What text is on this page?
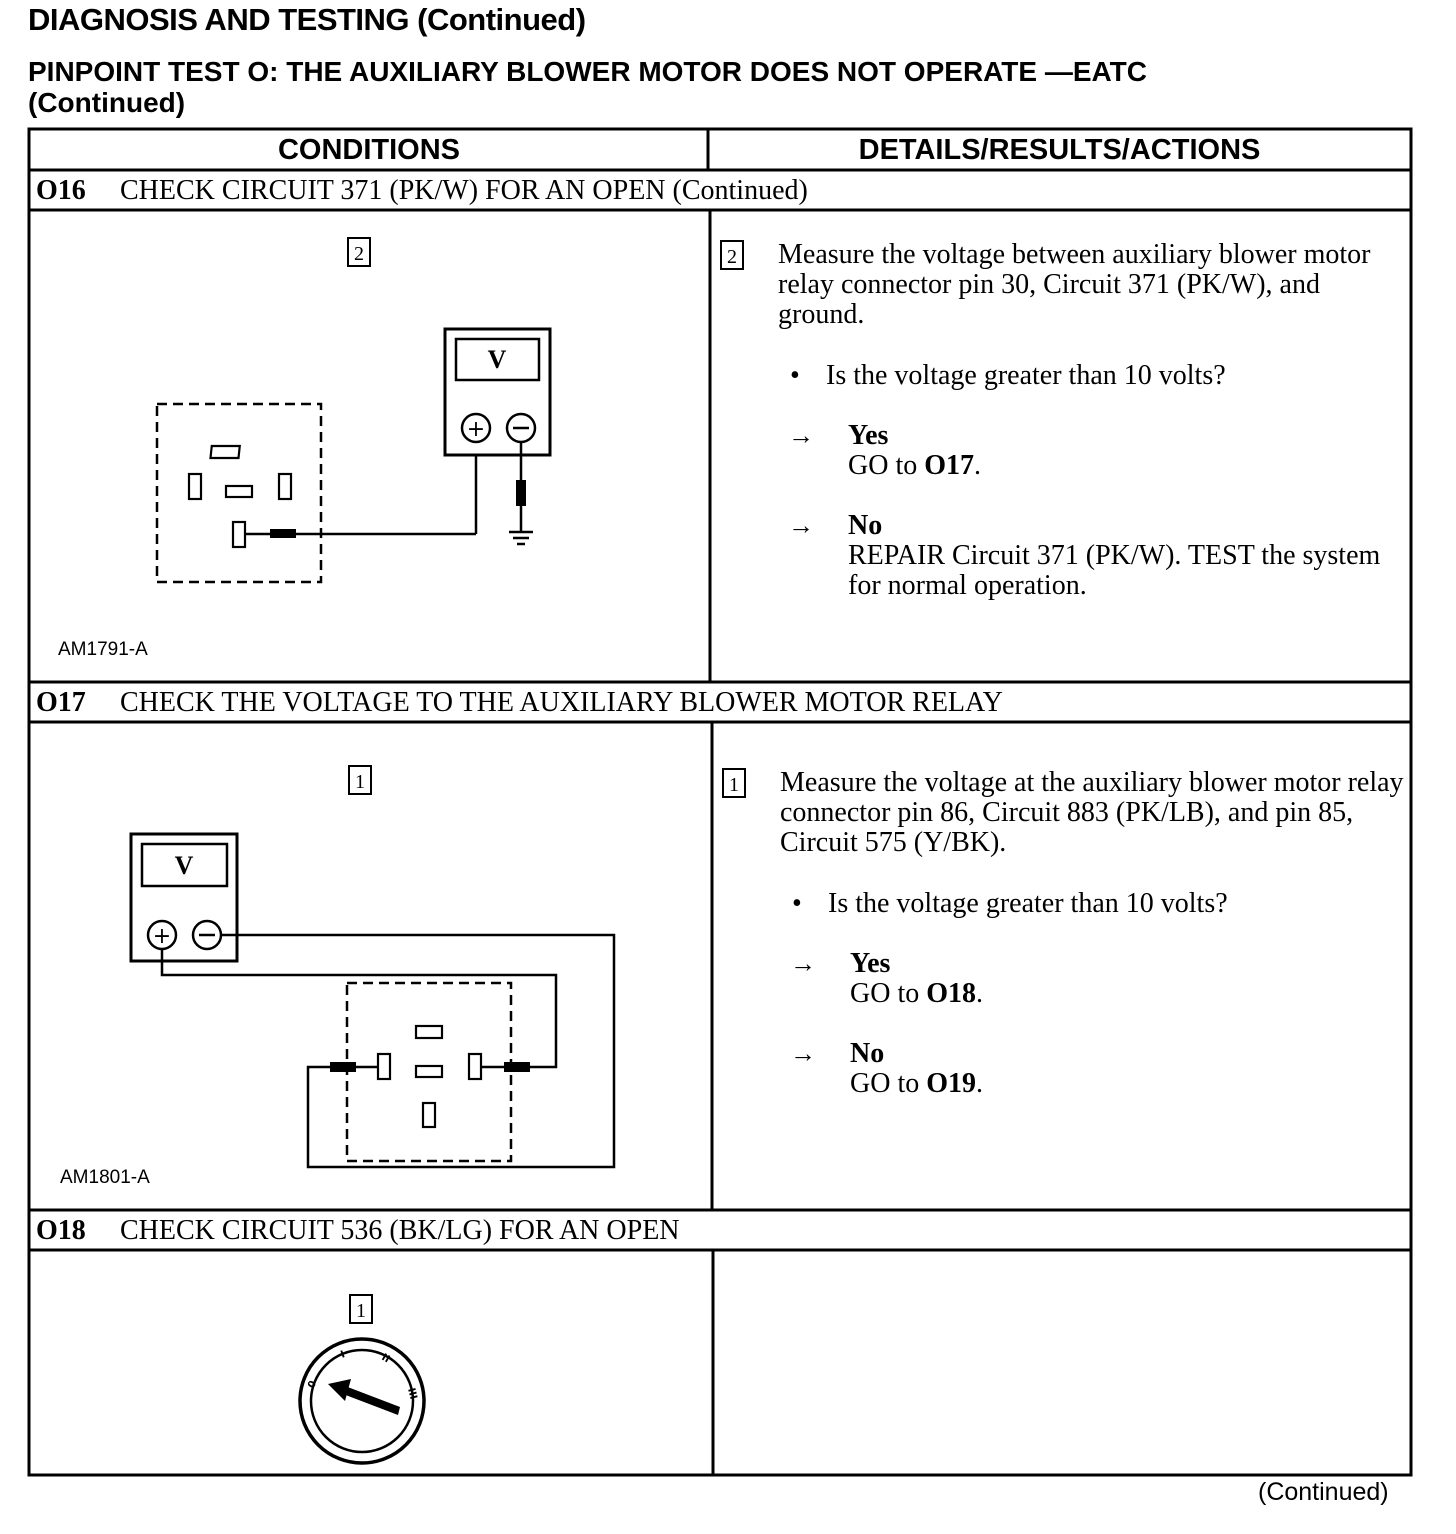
DIAGNOSIS AND TESTING (Continued)
PINPOINT TEST O: THE AUXILIARY BLOWER MOTOR DOES NOT OPERATE —EATC
(Continued)
CONDITIONS	DETAILS/RESULTS/ACTIONS
O16 CHECK CIRCUIT 371 (PK/W) FOR AN OPEN (Continued)
2
V
+
AM1791-A
2 Measure the voltage between auxiliary blower motor relay connector pin 30, Circuit 371 (PK/W), and ground.
• Is the voltage greater than 10 volts?
→ Yes
GO to O17.
→ No
REPAIR Circuit 371 (PK/W). TEST the system for normal operation.
O17 CHECK THE VOLTAGE TO THE AUXILIARY BLOWER MOTOR RELAY
1
V
+
AM1801-A
1 Measure the voltage at the auxiliary blower motor relay connector pin 86, Circuit 883 (PK/LB), and pin 85, Circuit 575 (Y/BK).
• Is the voltage greater than 10 volts?
→ Yes
GO to O18.
→ No
GO to O19.
O18 CHECK CIRCUIT 536 (BK/LG) FOR AN OPEN
1
0
I	II
III
(Continued)
